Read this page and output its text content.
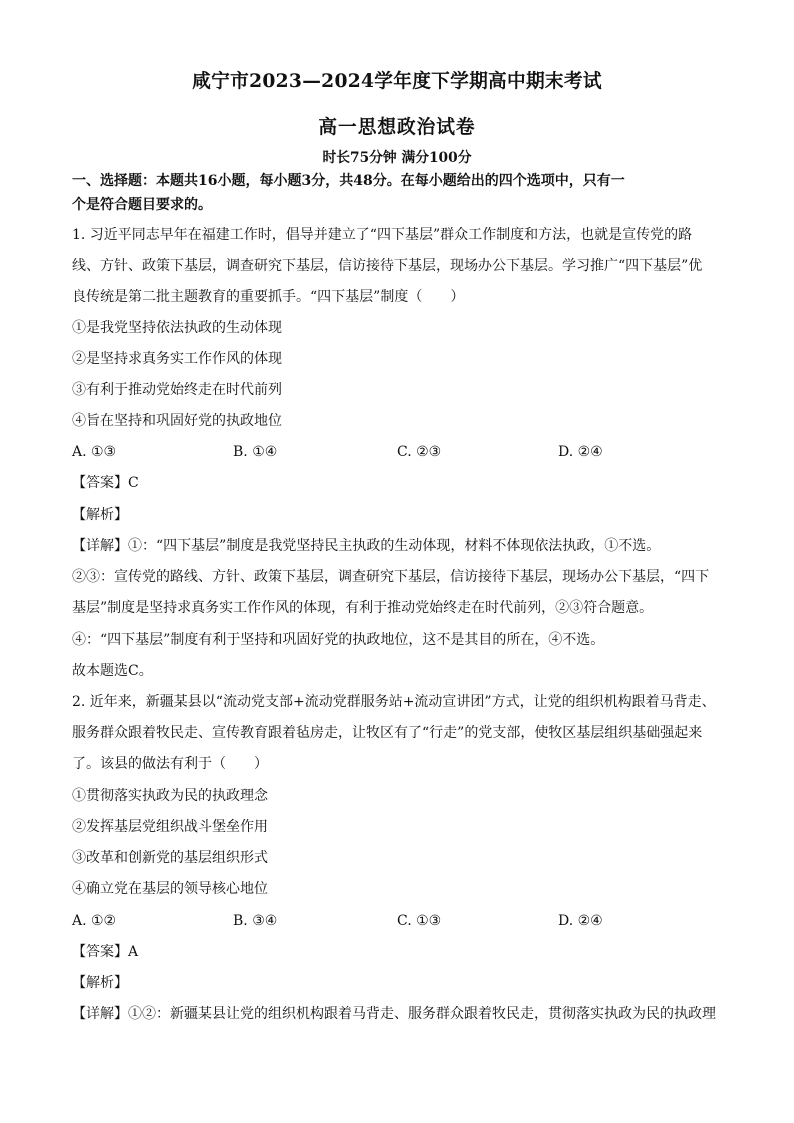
咸宁市2023—2024学年度下学期高中期末考试
高一思想政治试卷
时长75分钟 满分100分
一、选择题：本题共16小题，每小题3分，共48分。在每小题给出的四个选项中，只有一
个是符合题目要求的。
1. 习近平同志早年在福建工作时，倡导并建立了“四下基层”群众工作制度和方法，也就是宣传党的路
线、方针、政策下基层，调查研究下基层，信访接待下基层，现场办公下基层。学习推广“四下基层”优
良传统是第二批主题教育的重要抓手。“四下基层”制度（　　）
①是我党坚持依法执政的生动体现
②是坚持求真务实工作作风的体现
③有利于推动党始终走在时代前列
④旨在坚持和巩固好党的执政地位
A. ①③	B. ①④	C. ②③	D. ②④
【答案】C
【解析】
【详解】①：“四下基层”制度是我党坚持民主执政的生动体现，材料不体现依法执政，①不选。
②③：宣传党的路线、方针、政策下基层，调查研究下基层，信访接待下基层，现场办公下基层，“四下
基层”制度是坚持求真务实工作作风的体现，有利于推动党始终走在时代前列，②③符合题意。
④：“四下基层”制度有利于坚持和巩固好党的执政地位，这不是其目的所在，④不选。
故本题选C。
2. 近年来，新疆某县以“流动党支部+流动党群服务站+流动宣讲团”方式，让党的组织机构跟着马背走、
服务群众跟着牧民走、宣传教育跟着毡房走，让牧区有了“行走”的党支部，使牧区基层组织基础强起来
了。该县的做法有利于（　　）
①贯彻落实执政为民的执政理念
②发挥基层党组织战斗堡垒作用
③改革和创新党的基层组织形式
④确立党在基层的领导核心地位
A. ①②	B. ③④	C. ①③	D. ②④
【答案】A
【解析】
【详解】①②：新疆某县让党的组织机构跟着马背走、服务群众跟着牧民走，贯彻落实执政为民的执政理
